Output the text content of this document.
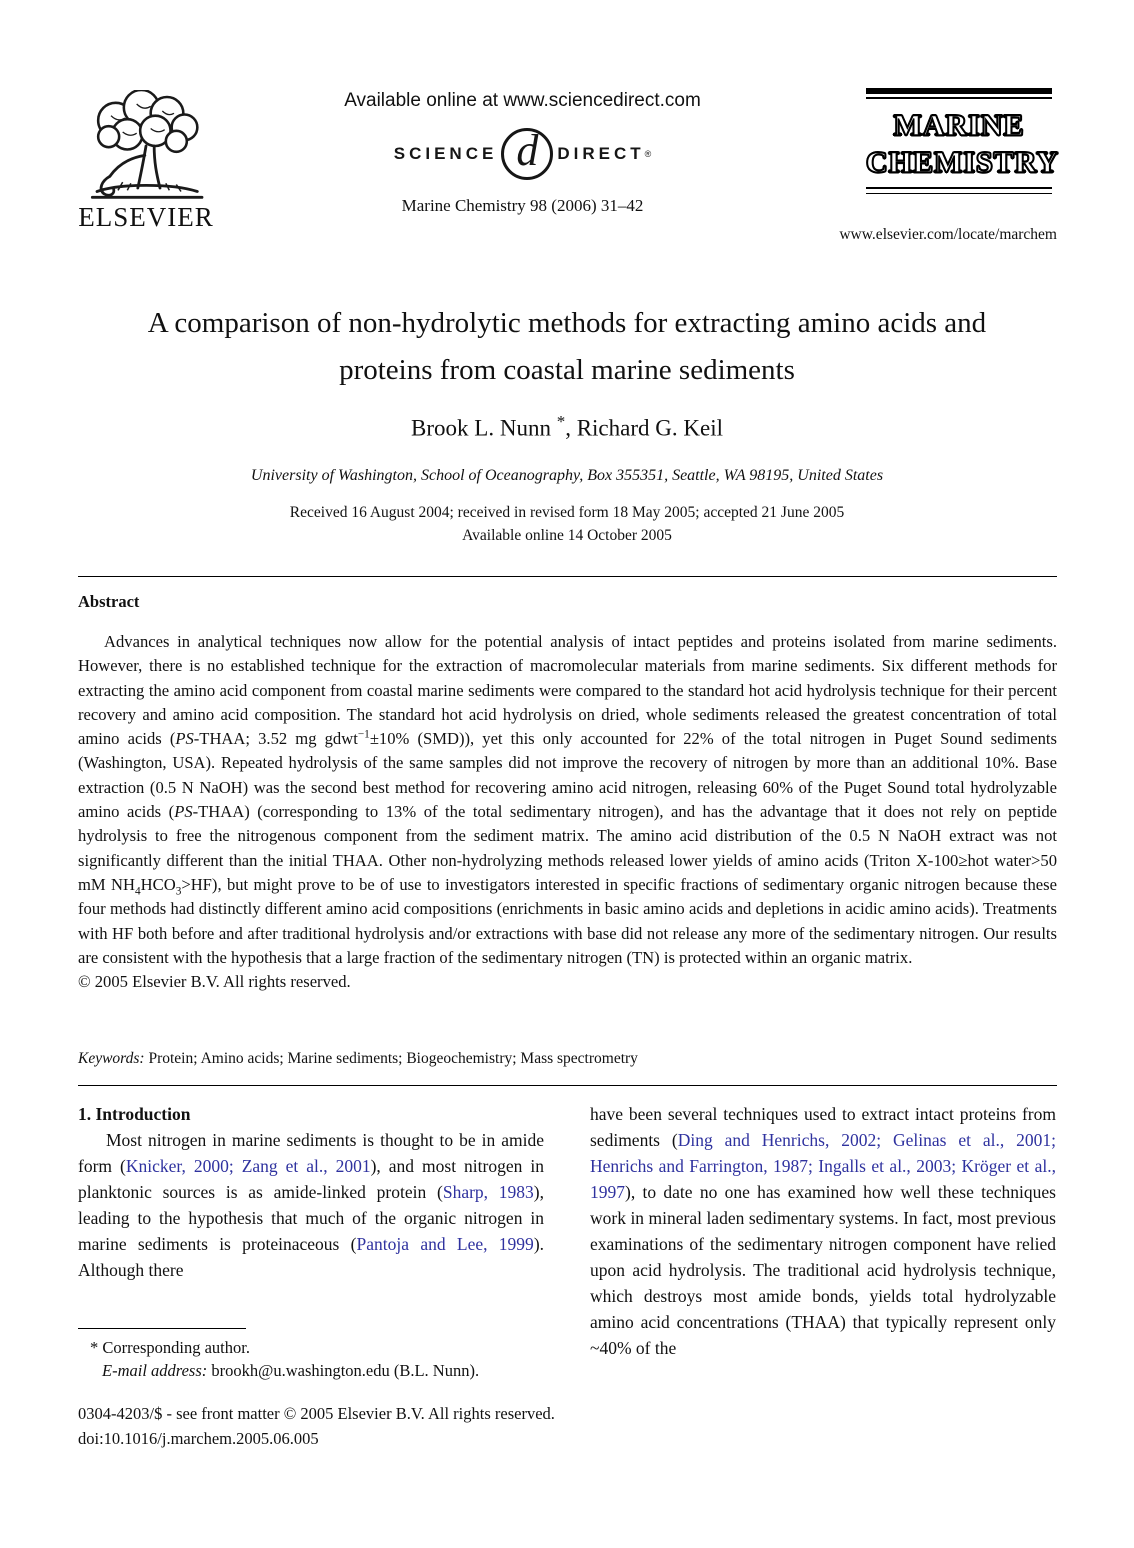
ELSEVIER
Available online at www.sciencedirect.com
SCIENCE d DIRECT ®
Marine Chemistry 98 (2006) 31–42
MARINE
CHEMISTRY
www.elsevier.com/locate/marchem
A comparison of non-hydrolytic methods for extracting amino acids and proteins from coastal marine sediments
Brook L. Nunn *, Richard G. Keil
University of Washington, School of Oceanography, Box 355351, Seattle, WA 98195, United States
Received 16 August 2004; received in revised form 18 May 2005; accepted 21 June 2005
Available online 14 October 2005
Abstract

Advances in analytical techniques now allow for the potential analysis of intact peptides and proteins isolated from marine sediments. However, there is no established technique for the extraction of macromolecular materials from marine sediments. Six different methods for extracting the amino acid component from coastal marine sediments were compared to the standard hot acid hydrolysis technique for their percent recovery and amino acid composition. The standard hot acid hydrolysis on dried, whole sediments released the greatest concentration of total amino acids (PS-THAA; 3.52 mg gdwt$^{-1}$±10% (SMD)), yet this only accounted for 22% of the total nitrogen in Puget Sound sediments (Washington, USA). Repeated hydrolysis of the same samples did not improve the recovery of nitrogen by more than an additional 10%. Base extraction (0.5 N NaOH) was the second best method for recovering amino acid nitrogen, releasing 60% of the Puget Sound total hydrolyzable amino acids (PS-THAA) (corresponding to 13% of the total sedimentary nitrogen), and has the advantage that it does not rely on peptide hydrolysis to free the nitrogenous component from the sediment matrix. The amino acid distribution of the 0.5 N NaOH extract was not significantly different than the initial THAA. Other non-hydrolyzing methods released lower yields of amino acids (Triton X-100≥hot water>50 mM $NH_4HCO_3>HF$), but might prove to be of use to investigators interested in specific fractions of sedimentary organic nitrogen because these four methods had distinctly different amino acid compositions (enrichments in basic amino acids and depletions in acidic amino acids). Treatments with HF both before and after traditional hydrolysis and/or extractions with base did not release any more of the sedimentary nitrogen. Our results are consistent with the hypothesis that a large fraction of the sedimentary nitrogen (TN) is protected within an organic matrix.

© 2005 Elsevier B.V. All rights reserved.

Keywords: Protein; Amino acids; Marine sediments; Biogeochemistry; Mass spectrometry

1. Introduction

Most nitrogen in marine sediments is thought to be in amide form (Knicker, 2000; Zang et al., 2001), and most nitrogen in planktonic sources is as amide-linked protein (Sharp, 1983), leading to the hypothesis that much of the organic nitrogen in marine sediments is proteinaceous (Pantoja and Lee, 1999). Although there

have been several techniques used to extract intact proteins from sediments (Ding and Henrichs, 2002; Gelinas et al., 2001; Henrichs and Farrington, 1987; Ingalls et al., 2003; Kröger et al., 1997), to date no one has examined how well these techniques work in mineral laden sedimentary systems. In fact, most previous examinations of the sedimentary nitrogen component have relied upon acid hydrolysis. The traditional acid hydrolysis technique, which destroys most amide bonds, yields total hydrolyzable amino acid concentrations (THAA) that typically represent only ~40% of the

* Corresponding author.
E-mail address: brookh@u.washington.edu (B.L. Nunn).
0304-4203/$ - see front matter © 2005 Elsevier B.V. All rights reserved.
doi:10.1016/j.marchem.2005.06.005
